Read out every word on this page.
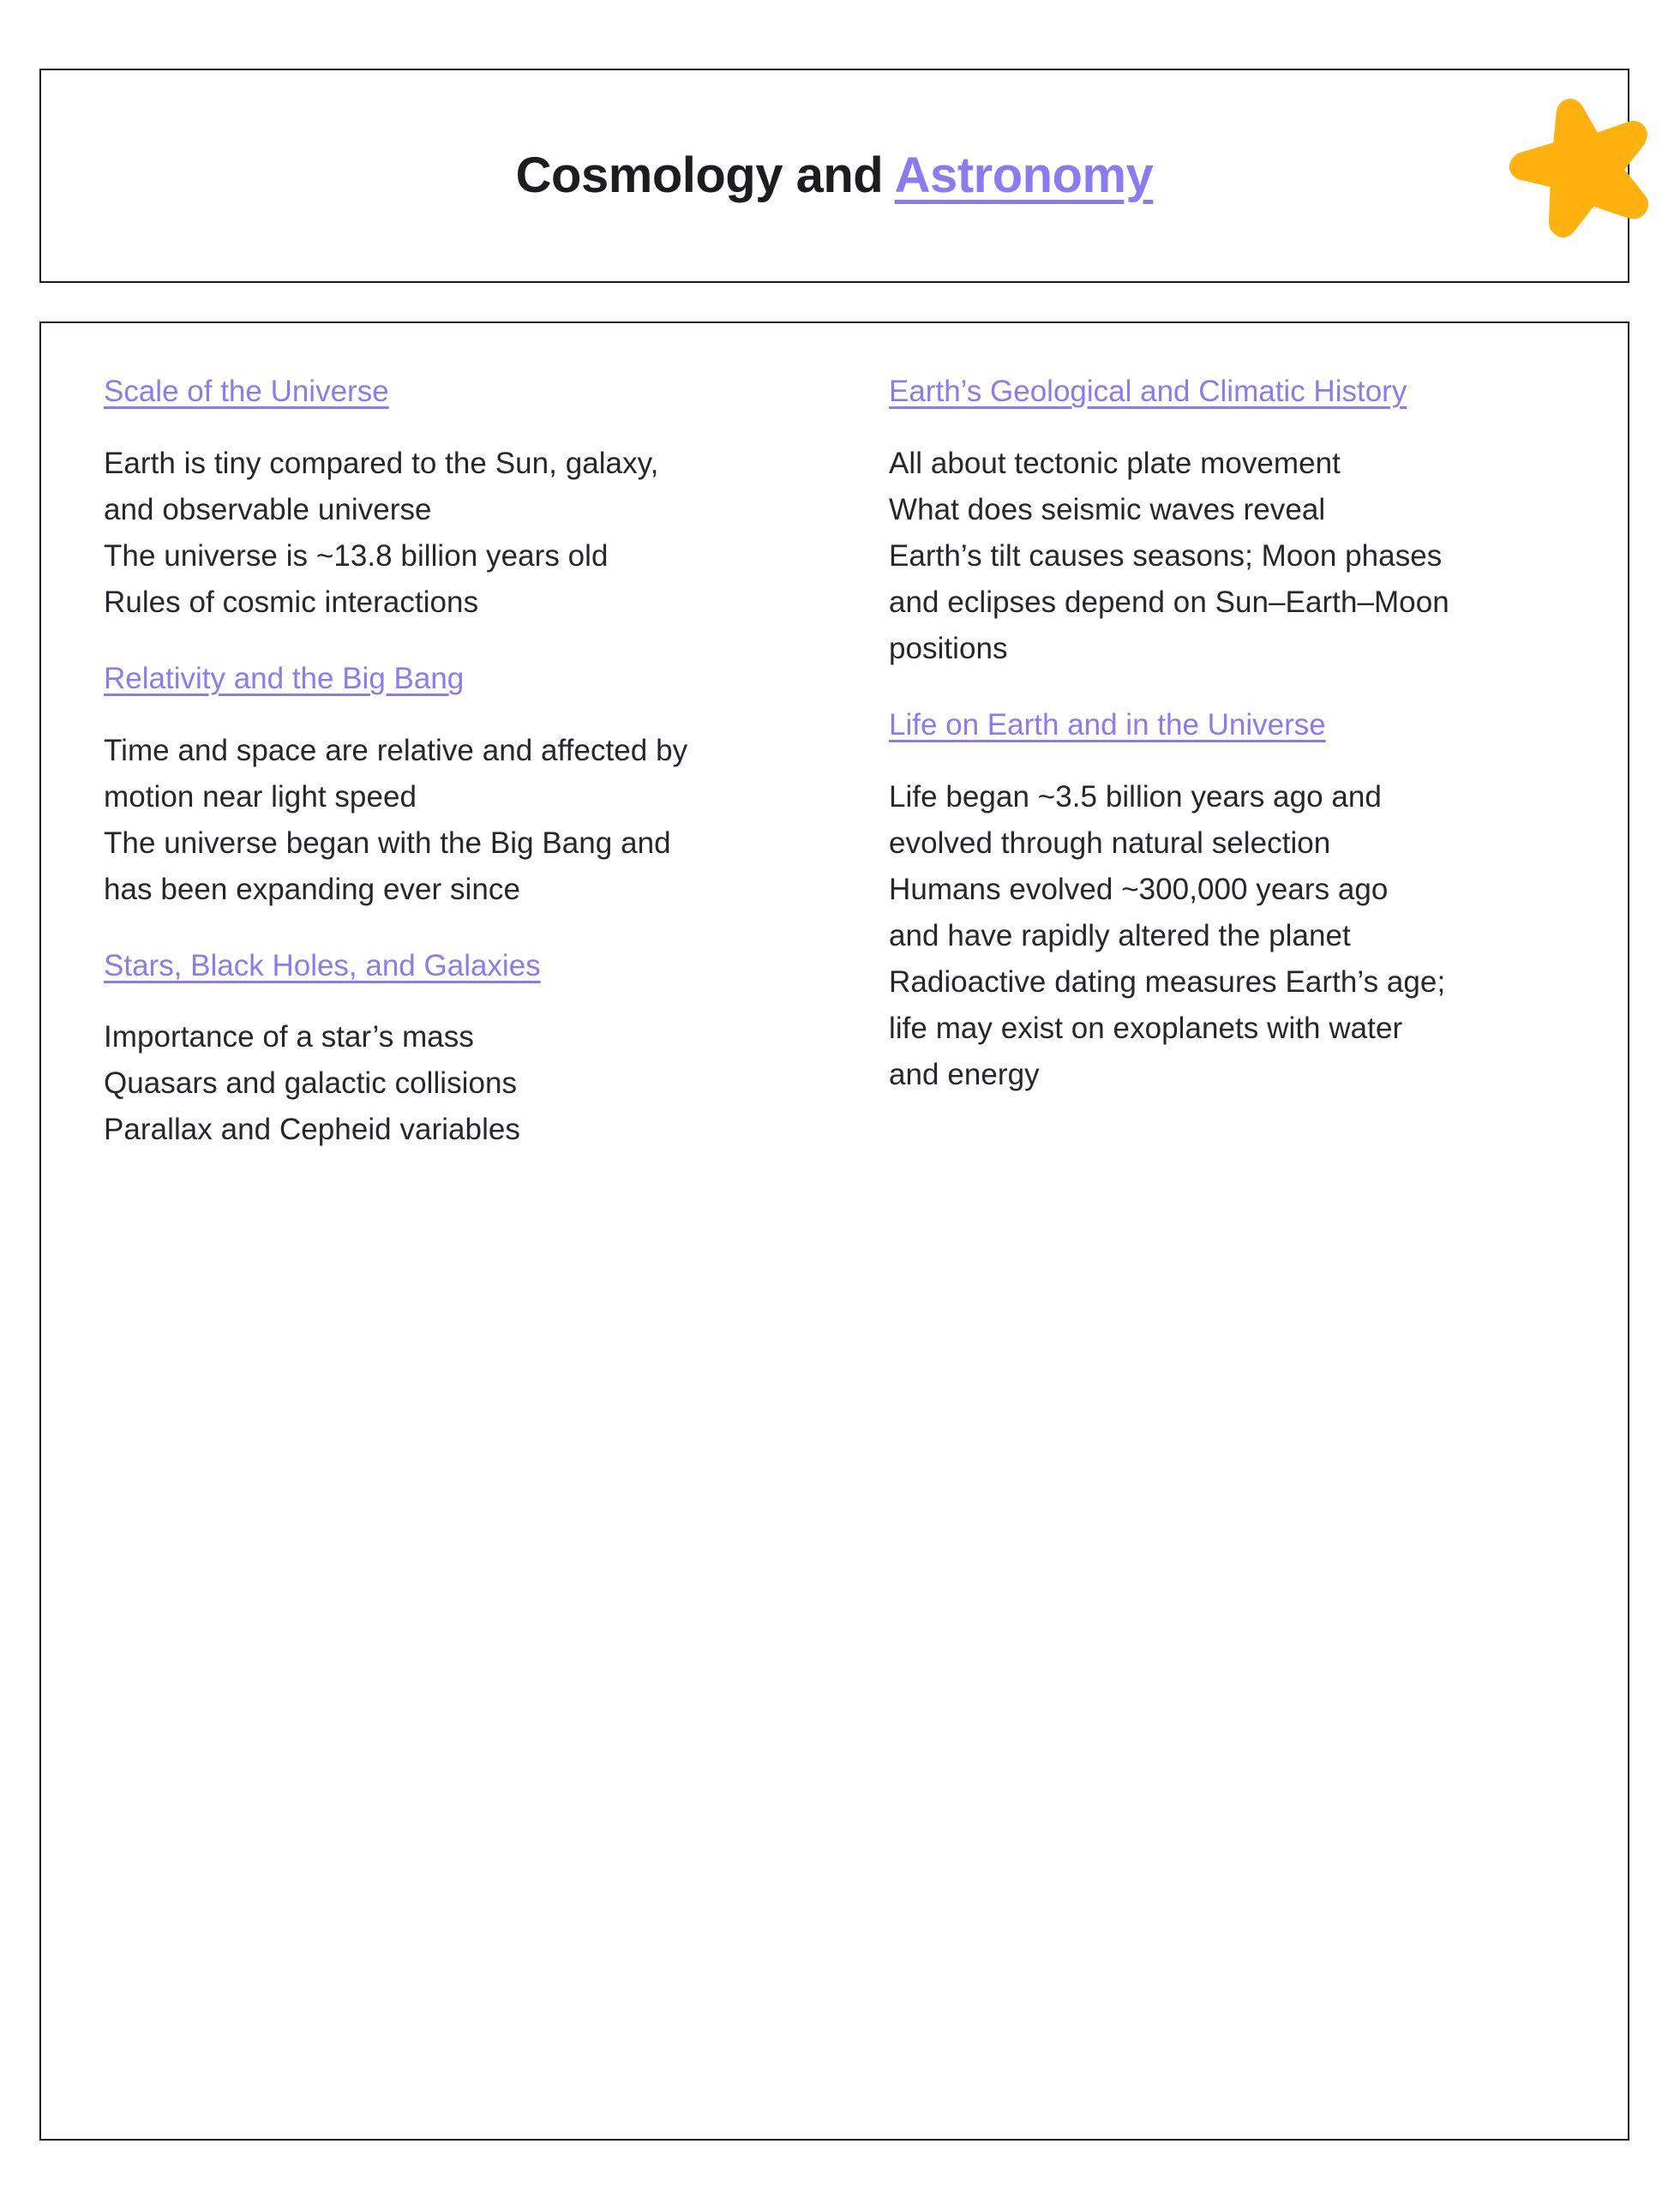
Cosmology and Astronomy
Scale of the Universe
Earth is tiny compared to the Sun, galaxy,
and observable universe
The universe is ~13.8 billion years old
Rules of cosmic interactions
Relativity and the Big Bang
Time and space are relative and affected by
motion near light speed
The universe began with the Big Bang and
has been expanding ever since
Stars, Black Holes, and Galaxies
Importance of a star’s mass
Quasars and galactic collisions
Parallax and Cepheid variables
Earth’s Geological and Climatic History
All about tectonic plate movement
What does seismic waves reveal
Earth’s tilt causes seasons; Moon phases
and eclipses depend on Sun–Earth–Moon
positions
Life on Earth and in the Universe
Life began ~3.5 billion years ago and
evolved through natural selection
Humans evolved ~300,000 years ago
and have rapidly altered the planet
Radioactive dating measures Earth’s age;
life may exist on exoplanets with water
and energy
